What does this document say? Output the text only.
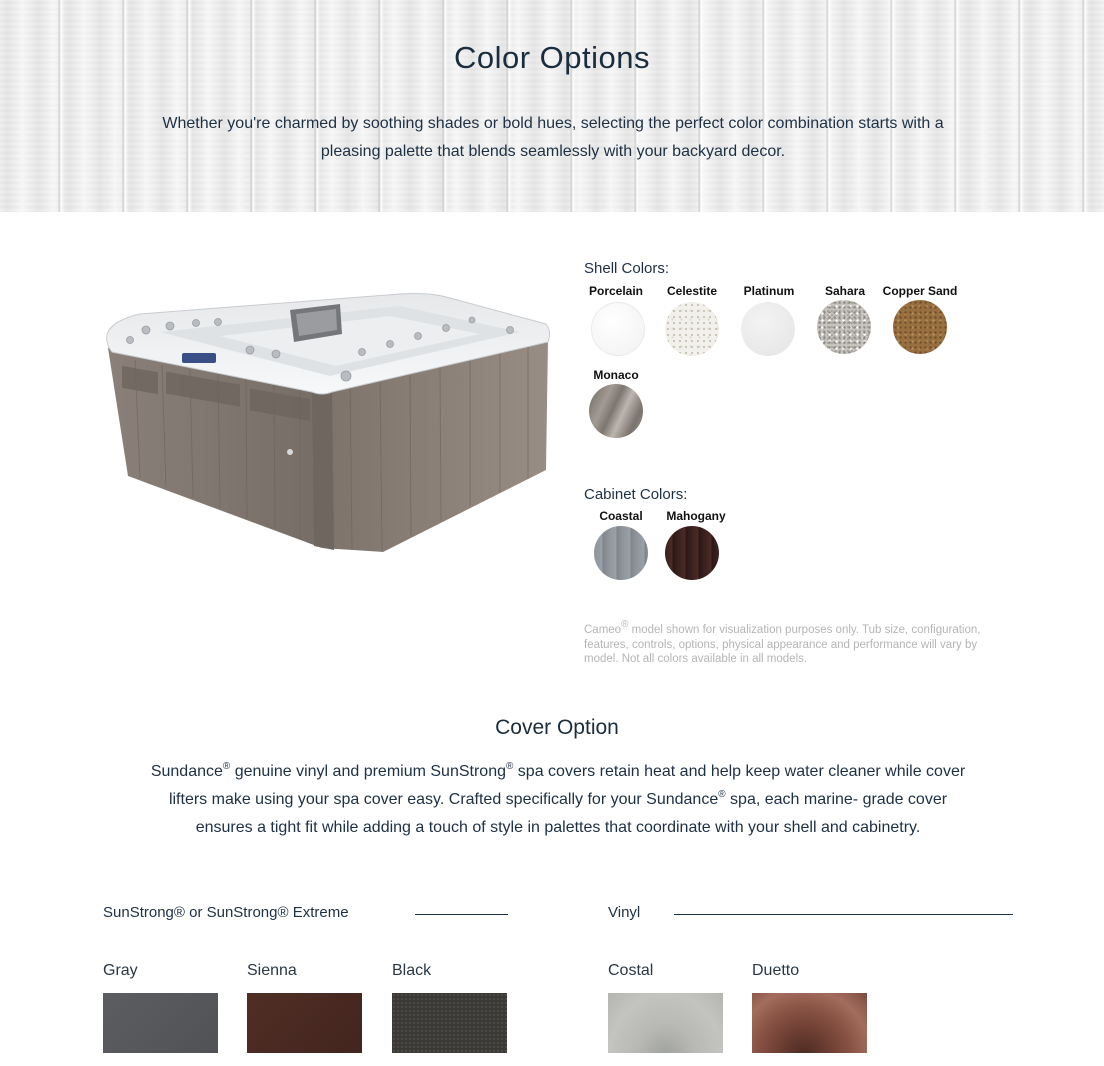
Color Options
Whether you're charmed by soothing shades or bold hues, selecting the perfect color combination starts with a pleasing palette that blends seamlessly with your backyard decor.
Shell Colors:
Porcelain	Celestite	Platinum	Sahara	Copper Sand
Monaco
Cabinet Colors:
Coastal	Mahogany
Cameo® model shown for visualization purposes only. Tub size, configuration, features, controls, options, physical appearance and performance will vary by model. Not all colors available in all models.
Cover Option
Sundance® genuine vinyl and premium SunStrong® spa covers retain heat and help keep water cleaner while cover lifters make using your spa cover easy. Crafted specifically for your Sundance® spa, each marine- grade cover ensures a tight fit while adding a touch of style in palettes that coordinate with your shell and cabinetry.
SunStrong® or SunStrong® Extreme
Gray	Sienna	Black
Vinyl
Costal	Duetto
